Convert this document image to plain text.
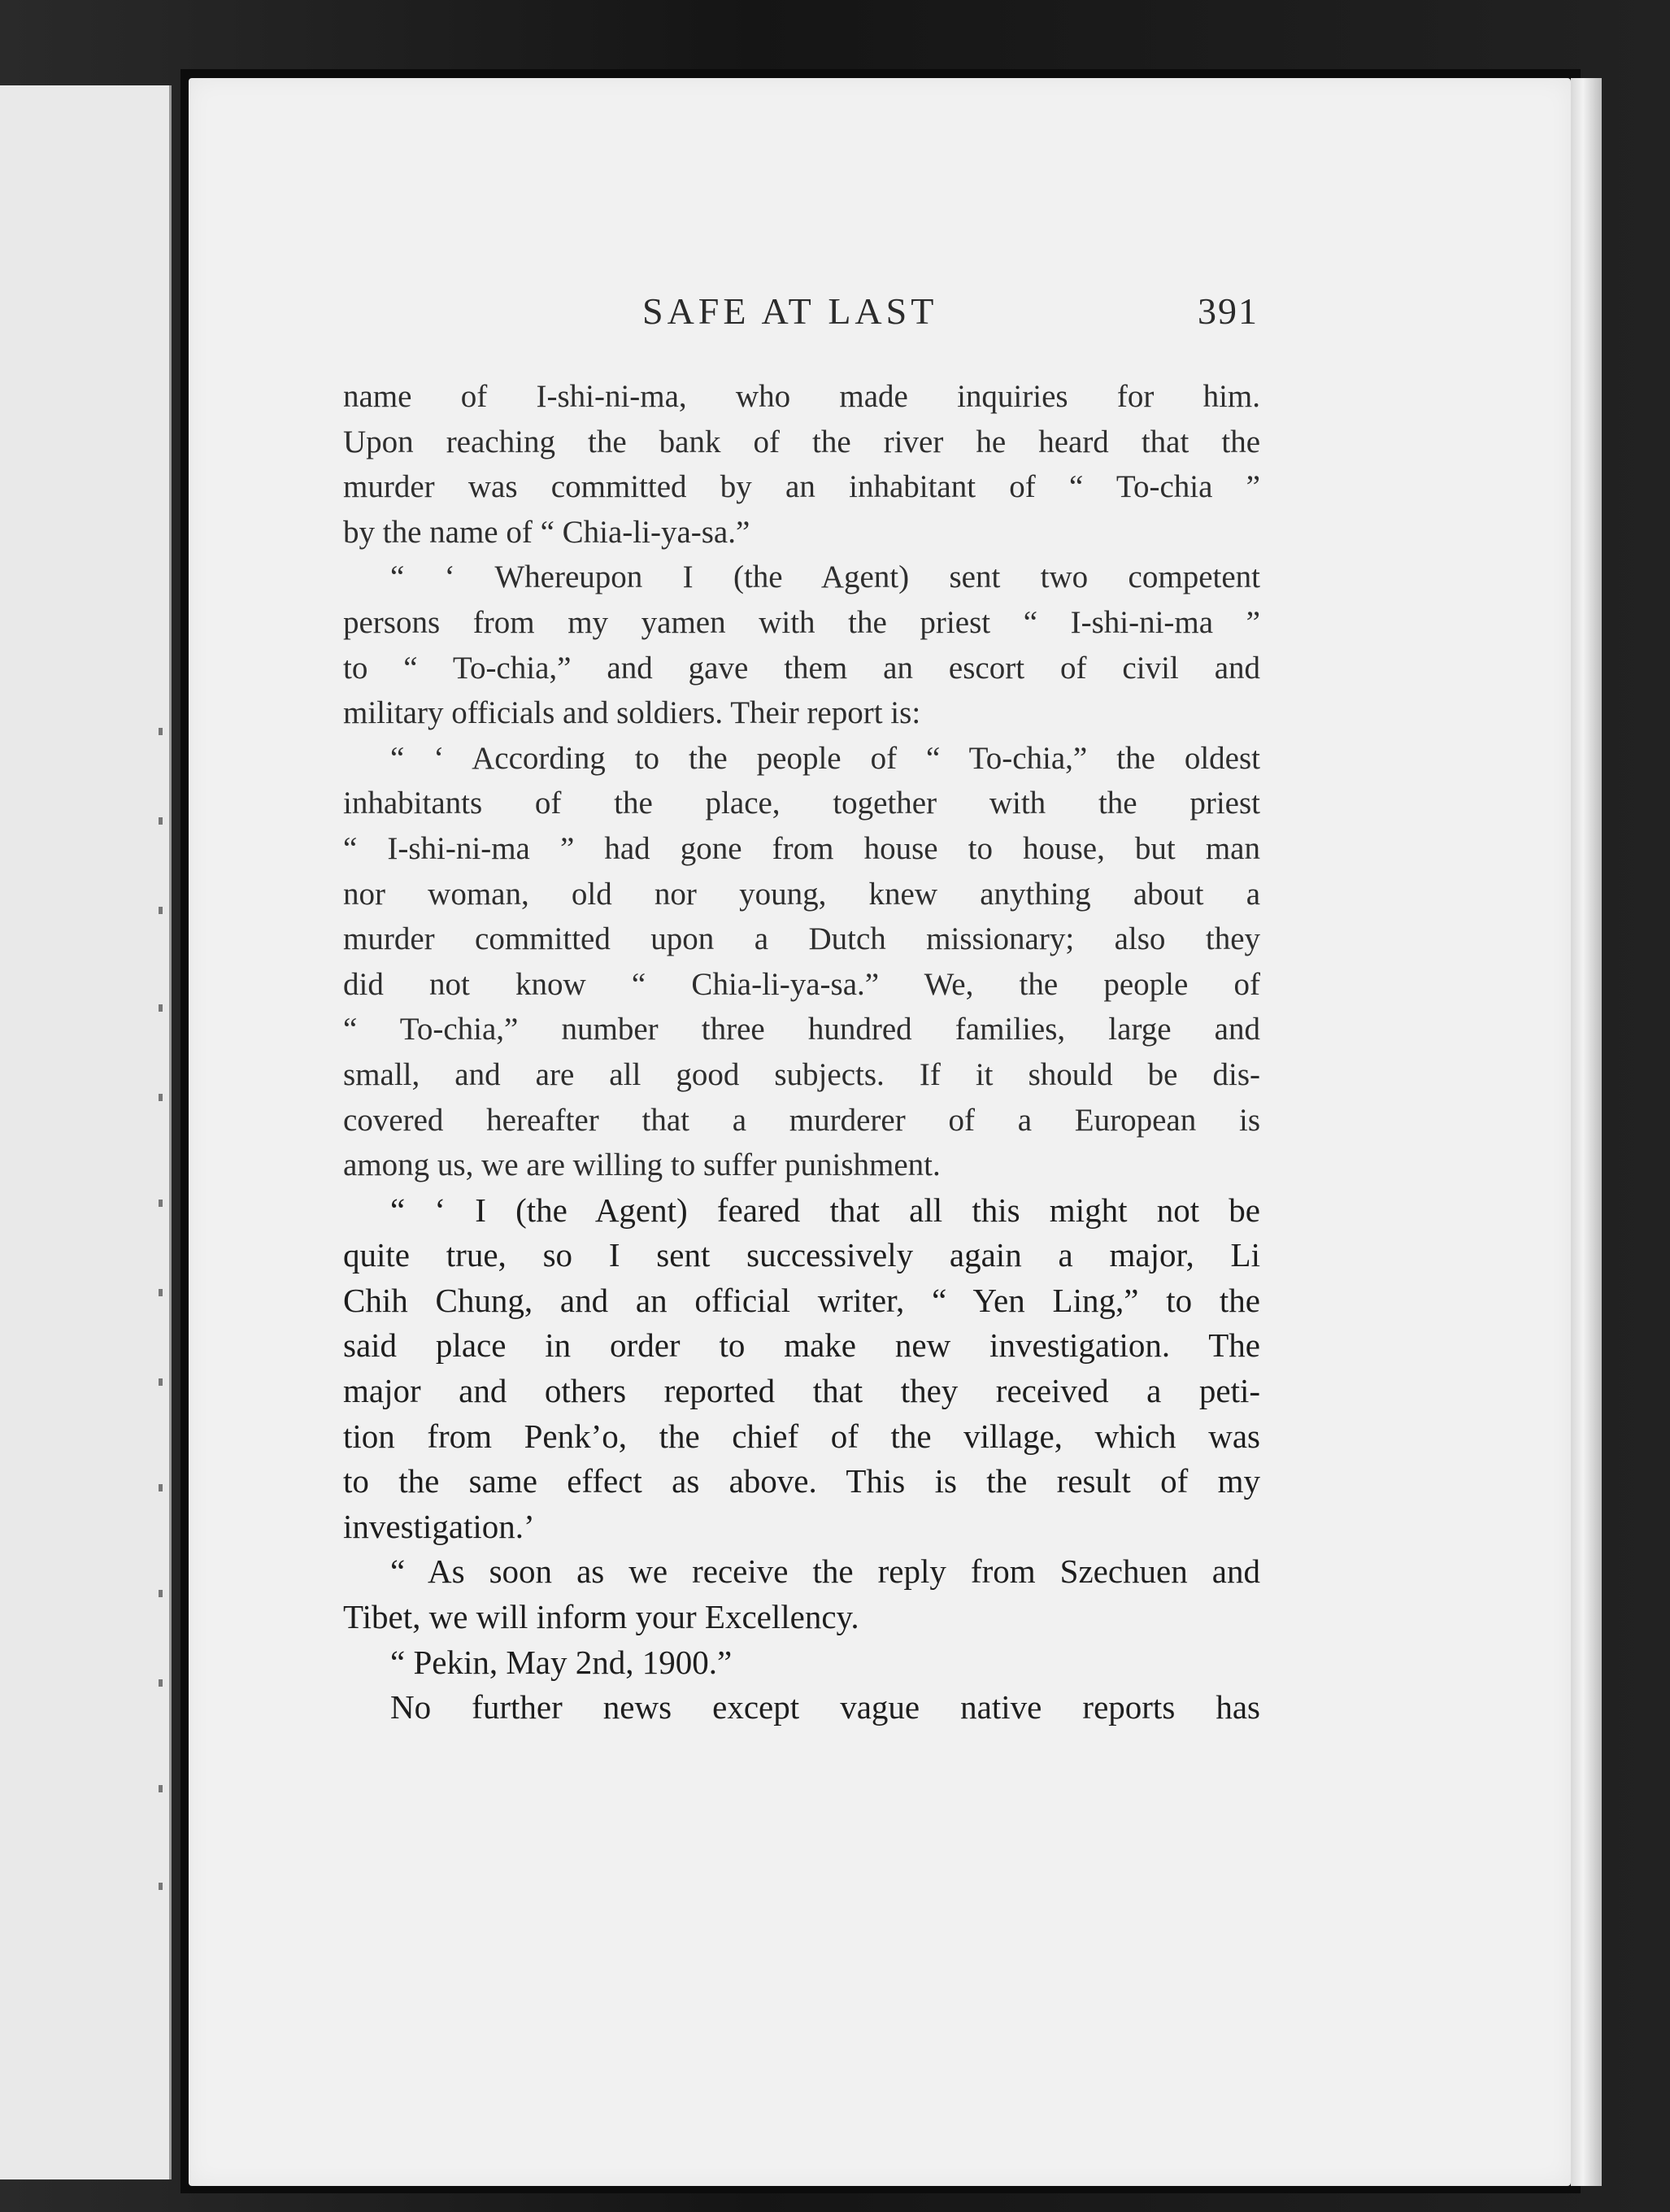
SAFE AT LAST	391
name of I-shi-ni-ma, who made inquiries for him.
Upon reaching the bank of the river he heard that the
murder was committed by an inhabitant of “ To-chia ”
by the name of “ Chia-li-ya-sa.”
“ ‘ Whereupon I (the Agent) sent two competent
persons from my yamen with the priest “ I-shi-ni-ma ”
to “ To-chia,” and gave them an escort of civil and
military officials and soldiers. Their report is:
“ ‘ According to the people of “ To-chia,” the oldest
inhabitants of the place, together with the priest
“ I-shi-ni-ma ” had gone from house to house, but man
nor woman, old nor young, knew anything about a
murder committed upon a Dutch missionary; also they
did not know “ Chia-li-ya-sa.” We, the people of
“ To-chia,” number three hundred families, large and
small, and are all good subjects. If it should be dis-
covered hereafter that a murderer of a European is
among us, we are willing to suffer punishment.
“ ‘ I (the Agent) feared that all this might not be
quite true, so I sent successively again a major, Li
Chih Chung, and an official writer, “ Yen Ling,” to the
said place in order to make new investigation. The
major and others reported that they received a peti-
tion from Penk’o, the chief of the village, which was
to the same effect as above. This is the result of my
investigation.’
“ As soon as we receive the reply from Szechuen and
Tibet, we will inform your Excellency.
“ Pekin, May 2nd, 1900.”
No further news except vague native reports has
